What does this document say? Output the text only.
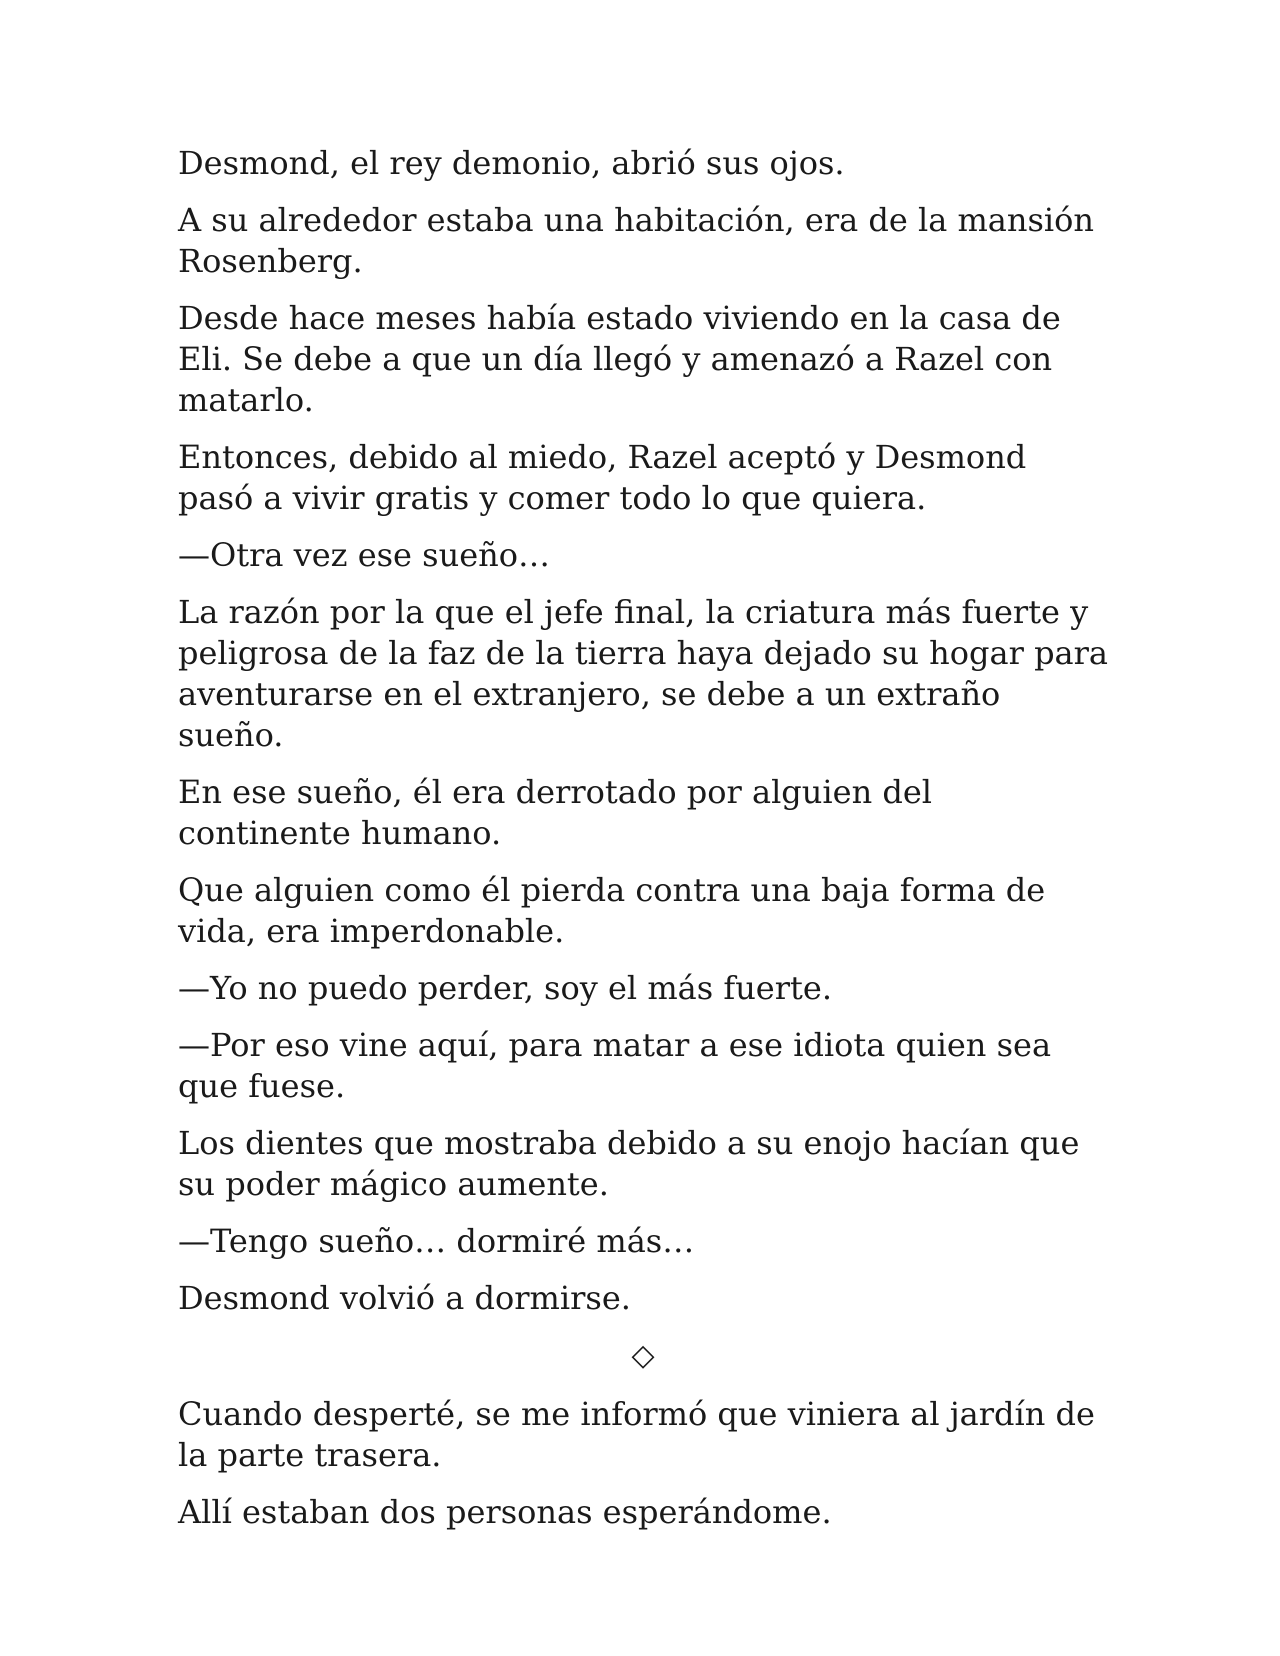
Desmond, el rey demonio, abrió sus ojos.

A su alrededor estaba una habitación, era de la mansión Rosenberg.

Desde hace meses había estado viviendo en la casa de Eli. Se debe a que un día llegó y amenazó a Razel con matarlo.

Entonces, debido al miedo, Razel aceptó y Desmond pasó a vivir gratis y comer todo lo que quiera.

—Otra vez ese sueño…

La razón por la que el jefe final, la criatura más fuerte y peligrosa de la faz de la tierra haya dejado su hogar para aventurarse en el extranjero, se debe a un extraño sueño.

En ese sueño, él era derrotado por alguien del continente humano.

Que alguien como él pierda contra una baja forma de vida, era imperdonable.

—Yo no puedo perder, soy el más fuerte.

—Por eso vine aquí, para matar a ese idiota quien sea que fuese.

Los dientes que mostraba debido a su enojo hacían que su poder mágico aumente.

—Tengo sueño… dormiré más…

Desmond volvió a dormirse.

◇

Cuando desperté, se me informó que viniera al jardín de la parte trasera.

Allí estaban dos personas esperándome.
